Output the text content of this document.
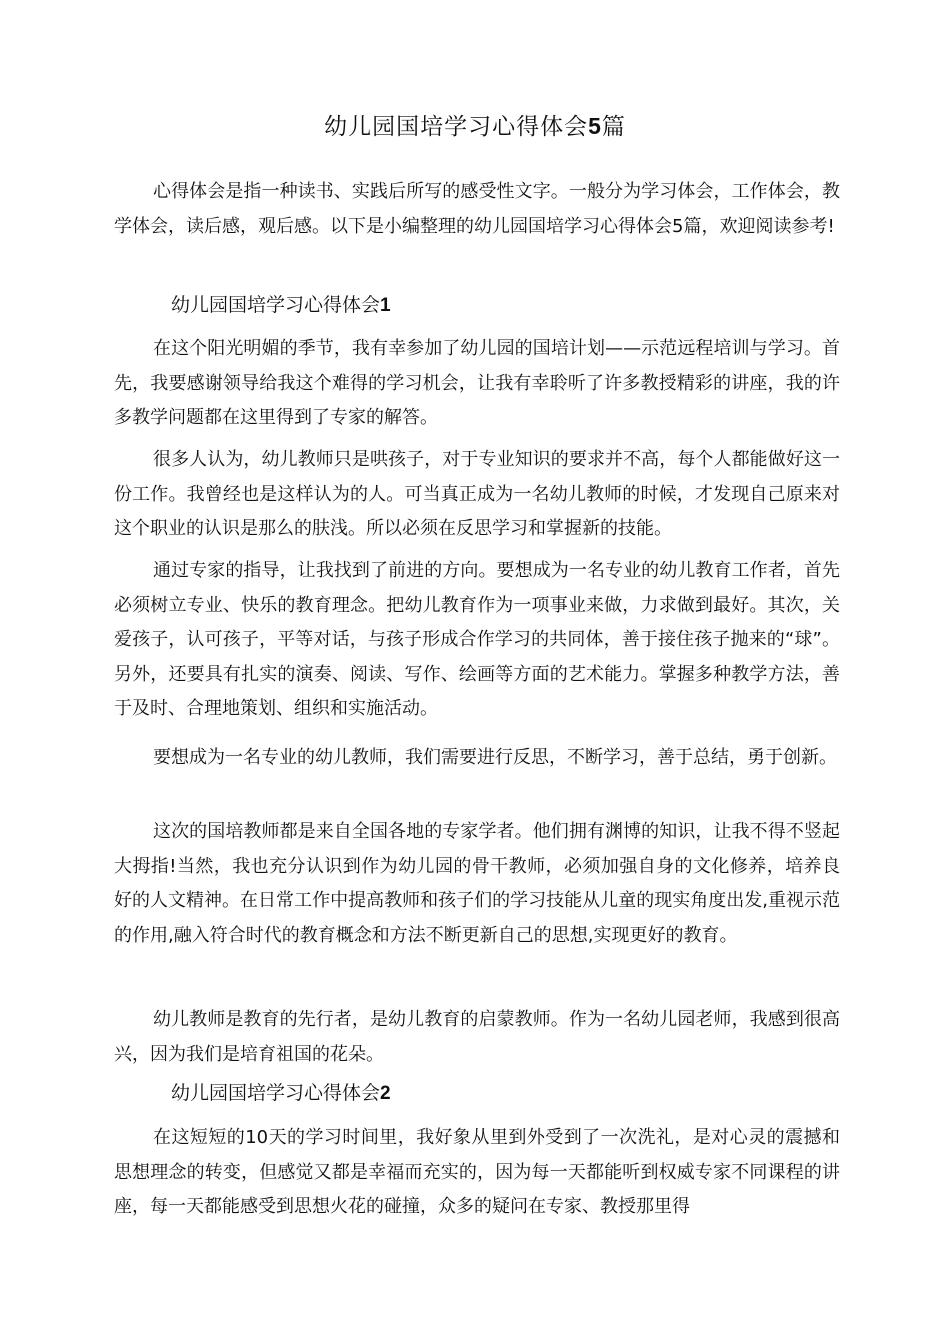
幼儿园国培学习心得体会5篇

心得体会是指一种读书、实践后所写的感受性文字。一般分为学习体会，工作体会，教学体会，读后感，观后感。以下是小编整理的幼儿园国培学习心得体会5篇，欢迎阅读参考!

幼儿园国培学习心得体会1

在这个阳光明媚的季节，我有幸参加了幼儿园的国培计划——示范远程培训与学习。首先，我要感谢领导给我这个难得的学习机会，让我有幸聆听了许多教授精彩的讲座，我的许多教学问题都在这里得到了专家的解答。

很多人认为，幼儿教师只是哄孩子，对于专业知识的要求并不高，每个人都能做好这一份工作。我曾经也是这样认为的人。可当真正成为一名幼儿教师的时候，才发现自己原来对这个职业的认识是那么的肤浅。所以必须在反思学习和掌握新的技能。

通过专家的指导，让我找到了前进的方向。要想成为一名专业的幼儿教育工作者，首先必须树立专业、快乐的教育理念。把幼儿教育作为一项事业来做，力求做到最好。其次，关爱孩子，认可孩子，平等对话，与孩子形成合作学习的共同体，善于接住孩子抛来的“球”。另外，还要具有扎实的演奏、阅读、写作、绘画等方面的艺术能力。掌握多种教学方法，善于及时、合理地策划、组织和实施活动。

要想成为一名专业的幼儿教师，我们需要进行反思，不断学习，善于总结，勇于创新。

这次的国培教师都是来自全国各地的专家学者。他们拥有渊博的知识，让我不得不竖起大拇指!当然，我也充分认识到作为幼儿园的骨干教师，必须加强自身的文化修养，培养良好的人文精神。在日常工作中提高教师和孩子们的学习技能从儿童的现实角度出发,重视示范的作用,融入符合时代的教育概念和方法不断更新自己的思想,实现更好的教育。

幼儿教师是教育的先行者，是幼儿教育的启蒙教师。作为一名幼儿园老师，我感到很高兴，因为我们是培育祖国的花朵。

幼儿园国培学习心得体会2

在这短短的10天的学习时间里，我好象从里到外受到了一次洗礼，是对心灵的震撼和思想理念的转变，但感觉又都是幸福而充实的，因为每一天都能听到权威专家不同课程的讲座，每一天都能感受到思想火花的碰撞，众多的疑问在专家、教授那里得
